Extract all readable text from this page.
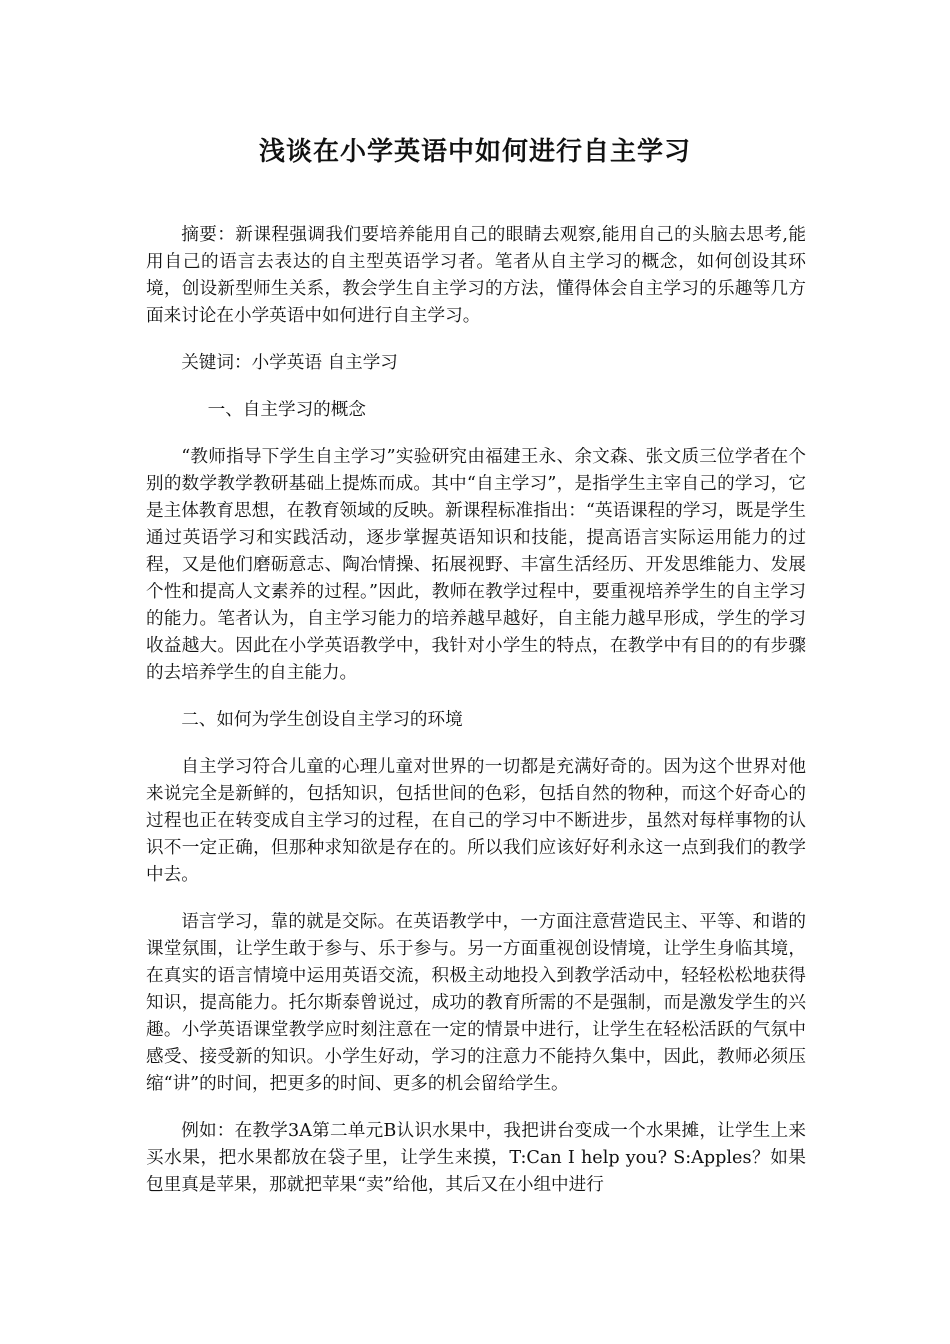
浅谈在小学英语中如何进行自主学习

摘要：新课程强调我们要培养能用自己的眼睛去观察,能用自己的头脑去思考,能用自己的语言去表达的自主型英语学习者。笔者从自主学习的概念，如何创设其环境，创设新型师生关系，教会学生自主学习的方法，懂得体会自主学习的乐趣等几方面来讨论在小学英语中如何进行自主学习。

关键词：小学英语 自主学习

一、自主学习的概念

“教师指导下学生自主学习”实验研究由福建王永、余文森、张文质三位学者在个别的数学教学教研基础上提炼而成。其中“自主学习”，是指学生主宰自己的学习，它是主体教育思想，在教育领域的反映。新课程标准指出：“英语课程的学习，既是学生通过英语学习和实践活动，逐步掌握英语知识和技能，提高语言实际运用能力的过程，又是他们磨砺意志、陶冶情操、拓展视野、丰富生活经历、开发思维能力、发展个性和提高人文素养的过程。”因此，教师在教学过程中，要重视培养学生的自主学习的能力。笔者认为，自主学习能力的培养越早越好，自主能力越早形成，学生的学习收益越大。因此在小学英语教学中，我针对小学生的特点，在教学中有目的的有步骤的去培养学生的自主能力。

二、如何为学生创设自主学习的环境

自主学习符合儿童的心理儿童对世界的一切都是充满好奇的。因为这个世界对他来说完全是新鲜的，包括知识，包括世间的色彩，包括自然的物种，而这个好奇心的过程也正在转变成自主学习的过程，在自己的学习中不断进步，虽然对每样事物的认识不一定正确，但那种求知欲是存在的。所以我们应该好好利永这一点到我们的教学中去。

语言学习，靠的就是交际。在英语教学中，一方面注意营造民主、平等、和谐的课堂氛围，让学生敢于参与、乐于参与。另一方面重视创设情境，让学生身临其境，在真实的语言情境中运用英语交流，积极主动地投入到教学活动中，轻轻松松地获得知识，提高能力。托尔斯泰曾说过，成功的教育所需的不是强制，而是激发学生的兴趣。小学英语课堂教学应时刻注意在一定的情景中进行，让学生在轻松活跃的气氛中感受、接受新的知识。小学生好动，学习的注意力不能持久集中，因此，教师必须压缩“讲”的时间，把更多的时间、更多的机会留给学生。

例如：在教学3A第二单元B认识水果中，我把讲台变成一个水果摊，让学生上来买水果，把水果都放在袋子里，让学生来摸，T:Can I help you? S:Apples？如果包里真是苹果，那就把苹果“卖”给他，其后又在小组中进行
